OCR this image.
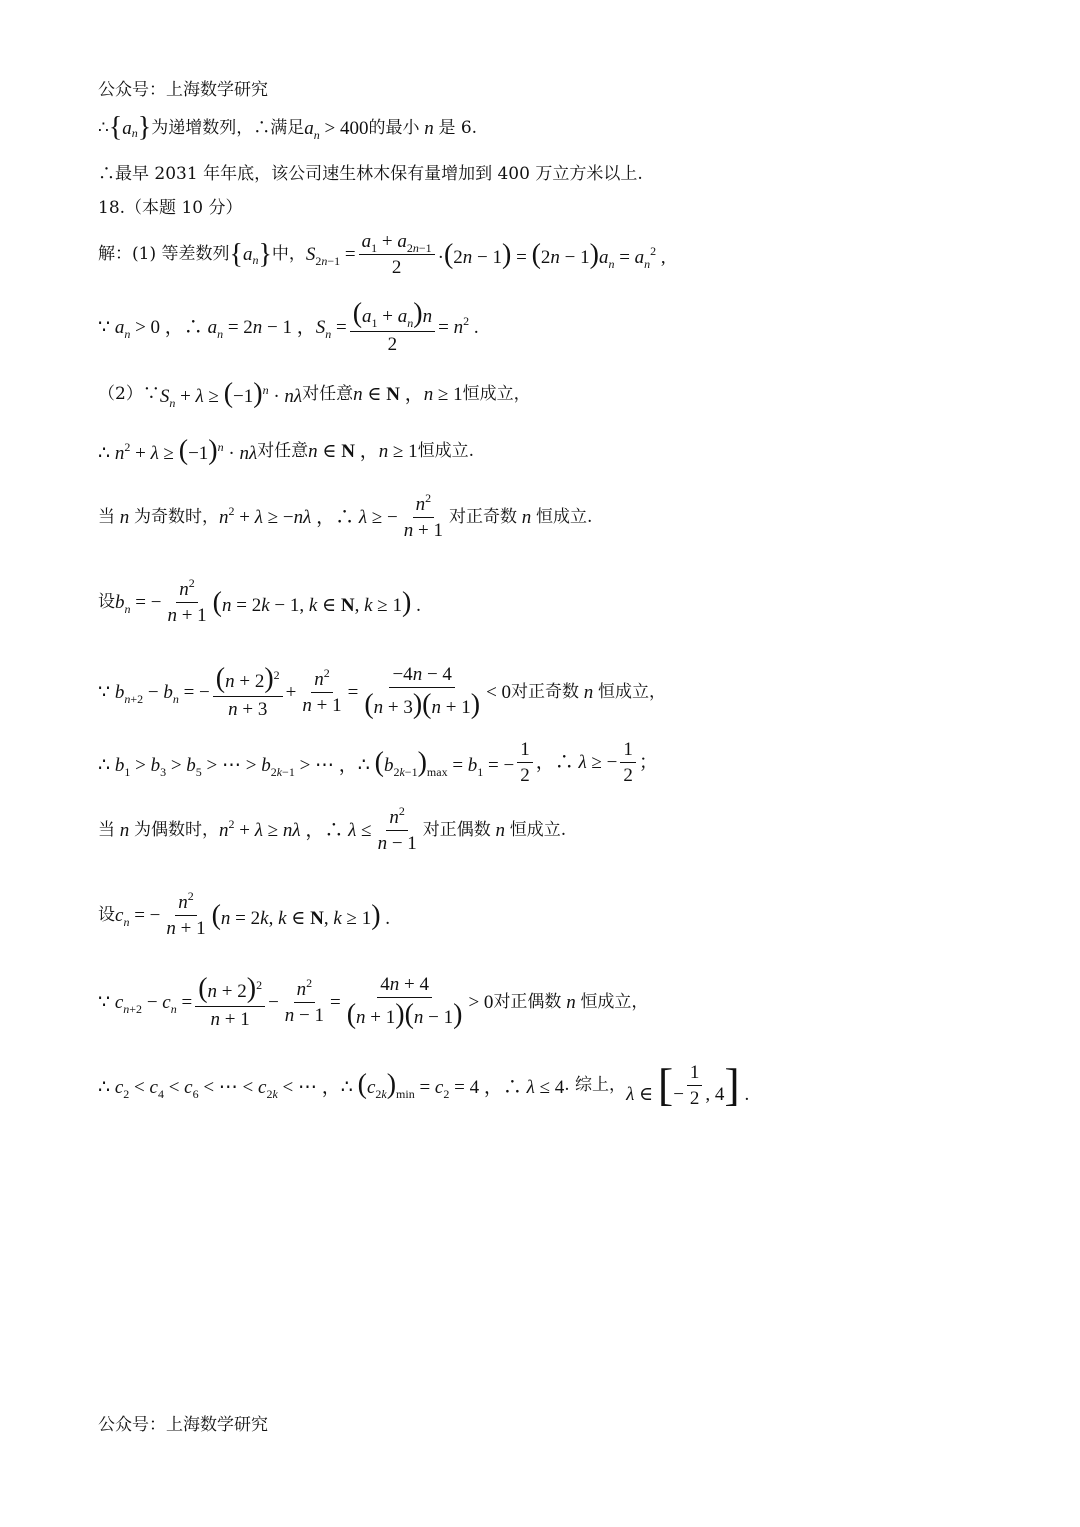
公众号：上海数学研究
∴ { $a_n$ } 为递增数列，∴满足 $a_n > 400$ 的最小 n 是 6.
∴最早 2031 年年底，该公司速生林木保有量增加到 400 万立方米以上.
18.（本题 10 分）
解：(1) 等差数列 { $a_n$ } 中， $S_{2n-1} = \frac{a_1 + a_{2n-1}}{2} \cdot(2n - 1) = (2n - 1)a_n = a_n^2$ ,
∵ $a_n > 0$ ，∴ $a_n = 2n - 1$ ，$S_n = \frac{(a_1 + a_n)n}{2} = n^2$ .
（2）∵ $S_n + \lambda \ge (-1)^n \cdot n\lambda$ 对任意 n ∈ N ，n ≥ 1 恒成立，
∴ $n^2 + \lambda \ge (-1)^n \cdot n\lambda$ 对任意 n ∈ N ，n ≥ 1 恒成立.
当 n 为奇数时， $n^2 + \lambda \ge -n\lambda$ ，∴ λ ≥ − $\frac{n^2}{n + 1}$ 对正奇数 n 恒成立.
设 $b_n$ = − $\frac{n^2}{n + 1} (n = 2k - 1$, k ∈ N, k ≥ 1) .
∵ $b_{n+2} - b_n$ = − $\frac{(n + 2)^2}{n + 3} + \frac{n^2}{n + 1} = \frac{-4n - 4}{(n + 3)(n + 1)} < 0$ 对正奇数 n 恒成立，
∴ $b_1 > b_3 > b_5$ > ⋯ > $b_{2k-1}$ > ⋯ ，∴ $(b_{2k-1})_{max} = b_1$ = − $\frac{1}{2}$ ，∴ λ ≥ − $\frac{1}{2}$ ；
当 n 为偶数时， $n^2 + \lambda \ge n\lambda$ ，∴ $\lambda \le \frac{n^2}{n - 1}$ 对正偶数 n 恒成立.
设 $c_n$ = − $\frac{n^2}{n + 1} (n = 2k$, k ∈ N, k ≥ 1) .
∵ $c_{n+2} - c_n = \frac{(n + 2)^2}{n + 1} - \frac{n^2}{n - 1} = \frac{4n + 4}{(n + 1)(n - 1)} > 0$ 对正偶数 n 恒成立，
∴ $c_2 < c_4 < c_6$ < ⋯ < $c_{2k}$ < ⋯ ，∴ $(c_{2k})_{min} = c_2 = 4$ ，∴ λ ≤ 4 . 综上， λ ∈ [− $\frac{1}{2}$ , 4] .
公众号：上海数学研究
